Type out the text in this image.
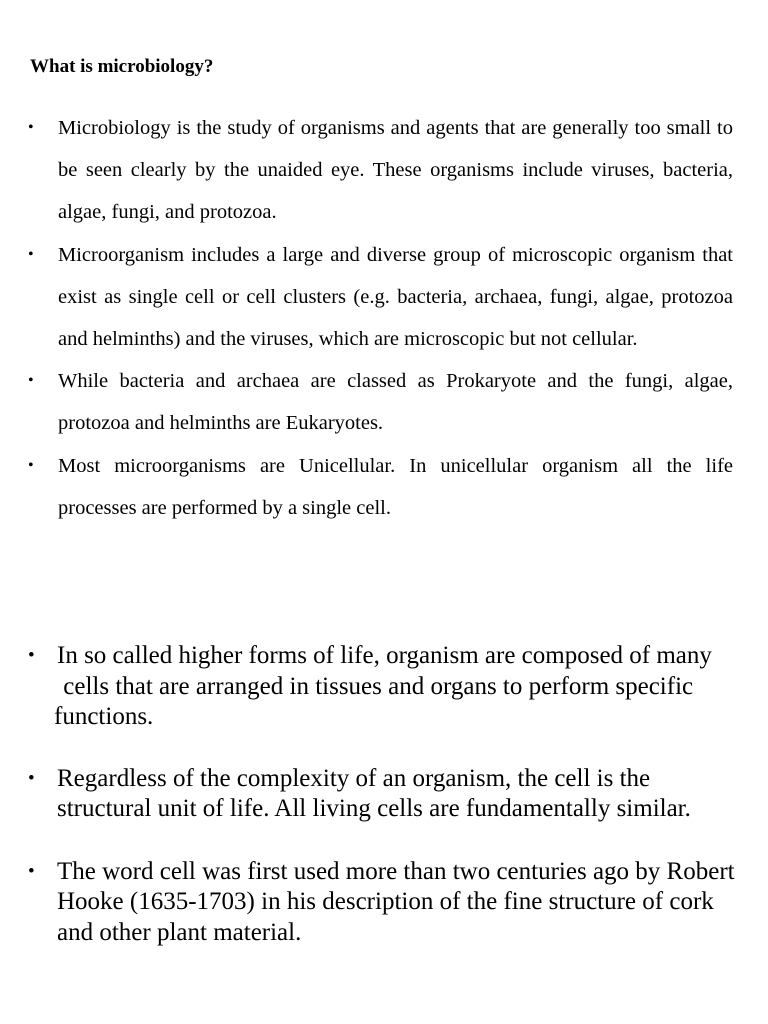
What is microbiology?
• Microbiology is the study of organisms and agents that are generally too small to be seen clearly by the unaided eye. These organisms include viruses, bacteria, algae, fungi, and protozoa.
• Microorganism includes a large and diverse group of microscopic organism that exist as single cell or cell clusters (e.g. bacteria, archaea, fungi, algae, protozoa and helminths) and the viruses, which are microscopic but not cellular.
• While bacteria and archaea are classed as Prokaryote and the fungi, algae, protozoa and helminths are Eukaryotes.
• Most microorganisms are Unicellular. In unicellular organism all the life processes are performed by a single cell.
• In so called higher forms of life, organism are composed of many
cells that are arranged in tissues and organs to perform specific
functions.
• Regardless of the complexity of an organism, the cell is the structural unit of life. All living cells are fundamentally similar.
• The word cell was first used more than two centuries ago by Robert Hooke (1635-1703) in his description of the fine structure of cork and other plant material.
